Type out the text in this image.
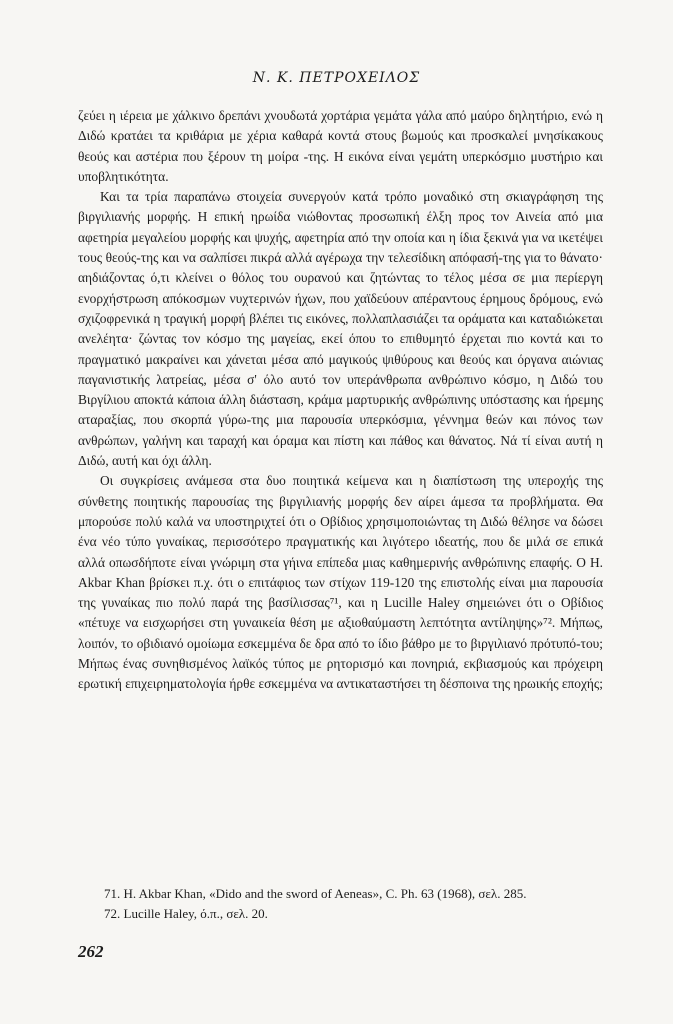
Ν. Κ. ΠΕΤΡΟΧΕΙΛΟΣ

ζεύει η ιέρεια με χάλκινο δρεπάνι χνουδωτά χορτάρια γεμάτα γάλα από μαύρο δηλητήριο, ενώ η Διδώ κρατάει τα κριθάρια με χέρια καθαρά κοντά στους βωμούς και προσκαλεί μνησίκακους θεούς και αστέρια που ξέρουν τη μοίρα -της. Η εικόνα είναι γεμάτη υπερκόσμιο μυστήριο και υποβλητικότητα.

Και τα τρία παραπάνω στοιχεία συνεργούν κατά τρόπο μοναδικό στη σκιαγράφηση της βιργιλιανής μορφής. Η επική ηρωίδα νιώθοντας προσωπική έλξη προς τον Αινεία από μια αφετηρία μεγαλείου μορφής και ψυχής, αφετηρία από την οποία και η ίδια ξεκινά για να ικετέψει τους θεούς-της και να σαλπίσει πικρά αλλά αγέρωχα την τελεσίδικη απόφασή-της για το θάνατο· αηδιάζοντας ό,τι κλείνει ο θόλος του ουρανού και ζητώντας το τέλος μέσα σε μια περίεργη ενορχήστρωση απόκοσμων νυχτερινών ήχων, που χαϊδεύουν απέραντους έρημους δρόμους, ενώ σχιζοφρενικά η τραγική μορφή βλέπει τις εικόνες, πολλαπλασιάζει τα οράματα και καταδιώκεται ανελέητα· ζώντας τον κόσμο της μαγείας, εκεί όπου το επιθυμητό έρχεται πιο κοντά και το πραγματικό μακραίνει και χάνεται μέσα από μαγικούς ψιθύρους και θεούς και όργανα αιώνιας παγανιστικής λατρείας, μέσα σ' όλο αυτό τον υπεράνθρωπα ανθρώπινο κόσμο, η Διδώ του Βιργίλιου αποκτά κάποια άλλη διάσταση, κράμα μαρτυρικής ανθρώπινης υπόστασης και ήρεμης αταραξίας, που σκορπά γύρω-της μια παρουσία υπερκόσμια, γέννημα θεών και πόνος των ανθρώπων, γαλήνη και ταραχή και όραμα και πίστη και πάθος και θάνατος. Νά τί είναι αυτή η Διδώ, αυτή και όχι άλλη.

Οι συγκρίσεις ανάμεσα στα δυο ποιητικά κείμενα και η διαπίστωση της υπεροχής της σύνθετης ποιητικής παρουσίας της βιργιλιανής μορφής δεν αίρει άμεσα τα προβλήματα. Θα μπορούσε πολύ καλά να υποστηριχτεί ότι ο Οβίδιος χρησιμοποιώντας τη Διδώ θέλησε να δώσει ένα νέο τύπο γυναίκας, περισσότερο πραγματικής και λιγότερο ιδεατής, που δε μιλά σε επικά αλλά οπωσδήποτε είναι γνώριμη στα γήινα επίπεδα μιας καθημερινής ανθρώπινης επαφής. Ο H. Akbar Khan βρίσκει π.χ. ότι ο επιτάφιος των στίχων 119-120 της επιστολής είναι μια παρουσία της γυναίκας πιο πολύ παρά της βασίλισσας⁷¹, και η Lucille Haley σημειώνει ότι ο Οβίδιος «πέτυχε να εισχωρήσει στη γυναικεία θέση με αξιοθαύμαστη λεπτότητα αντίληψης»⁷². Μήπως, λοιπόν, το οβιδιανό ομοίωμα εσκεμμένα δε δρα από το ίδιο βάθρο με το βιργιλιανό πρότυπό-του; Μήπως ένας συνηθισμένος λαϊκός τύπος με ρητορισμό και πονηριά, εκβιασμούς και πρόχειρη ερωτική επιχειρηματολογία ήρθε εσκεμμένα να αντικαταστήσει τη δέσποινα της ηρωικής εποχής;

71. H. Akbar Khan, «Dido and the sword of Aeneas», C. Ph. 63 (1968), σελ. 285.
72. Lucille Haley, ό.π., σελ. 20.
262
